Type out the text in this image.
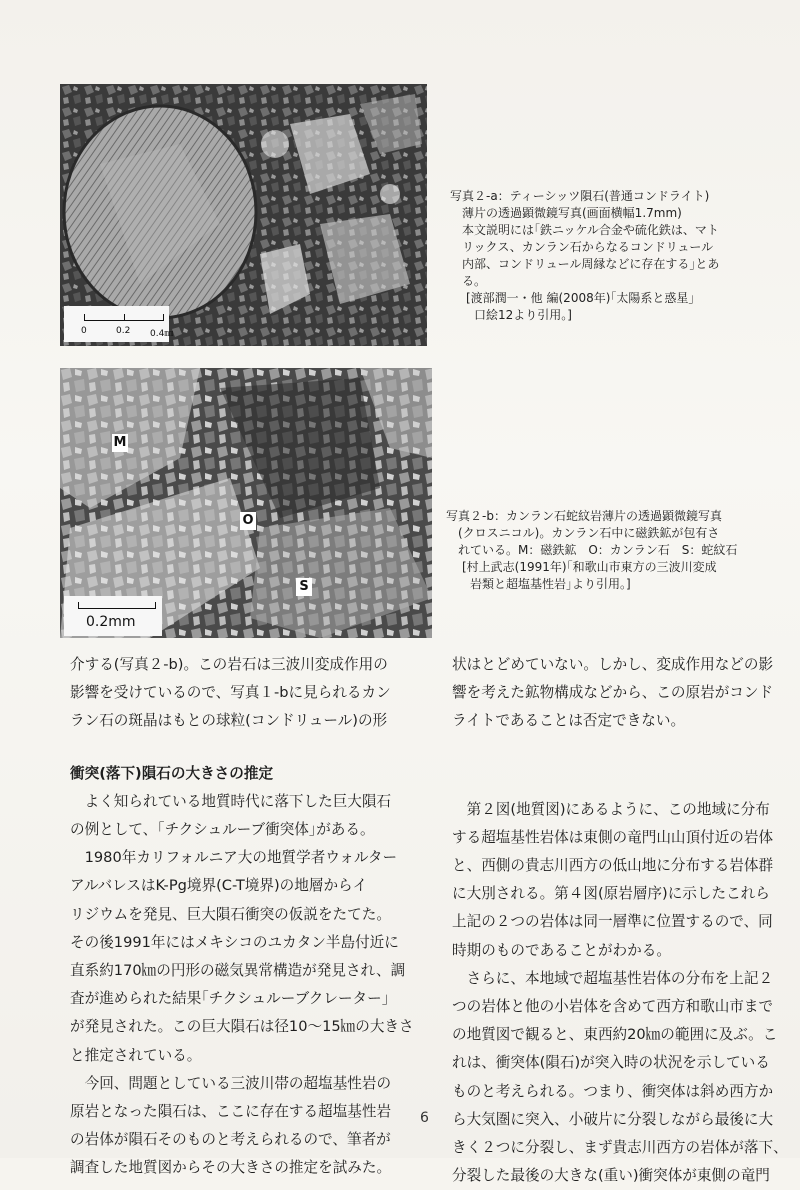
0	0.2 0.4㎜
写真２-a：ティーシッツ隕石(普通コンドライト)
薄片の透過顕微鏡写真(画面横幅1.7mm)
本文説明には｢鉄ニッケル合金や硫化鉄は、マト
リックス、カンラン石からなるコンドリュール
内部、コンドリュール周縁などに存在する｣とあ
る。
[渡部潤一・他 編(2008年)｢太陽系と惑星｣
口絵12より引用。]
M
O
S
0.2mm
写真２-b：カンラン石蛇紋岩薄片の透過顕微鏡写真
(クロスニコル)。カンラン石中に磁鉄鉱が包有さ
れている。M：磁鉄鉱　O：カンラン石　S：蛇紋石
[村上武志(1991年)｢和歌山市東方の三波川変成
岩類と超塩基性岩｣より引用。]
介する(写真２-b)。この岩石は三波川変成作用の
影響を受けているので、写真１-bに見られるカン
ラン石の斑晶はもとの球粒(コンドリュール)の形
衝突(落下)隕石の大きさの推定
　よく知られている地質時代に落下した巨大隕石
の例として、｢チクシュルーブ衝突体｣がある。
　1980年カリフォルニア大の地質学者ウォルター
アルバレスはK-Pg境界(C-T境界)の地層からイ
リジウムを発見、巨大隕石衝突の仮説をたてた。
その後1991年にはメキシコのユカタン半島付近に
直系約170㎞の円形の磁気異常構造が発見され、調
査が進められた結果｢チクシュルーブクレーター｣
が発見された。この巨大隕石は径10〜15㎞の大きさ
と推定されている。
　今回、問題としている三波川帯の超塩基性岩の
原岩となった隕石は、ここに存在する超塩基性岩
の岩体が隕石そのものと考えられるので、筆者が
調査した地質図からその大きさの推定を試みた。
状はとどめていない。しかし、変成作用などの影
響を考えた鉱物構成などから、この原岩がコンド
ライトであることは否定できない。
　第２図(地質図)にあるように、この地域に分布
する超塩基性岩体は東側の竜門山山頂付近の岩体
と、西側の貴志川西方の低山地に分布する岩体群
に大別される。第４図(原岩層序)に示したこれら
上記の２つの岩体は同一層準に位置するので、同
時期のものであることがわかる。
　さらに、本地域で超塩基性岩体の分布を上記２
つの岩体と他の小岩体を含めて西方和歌山市まで
の地質図で観ると、東西約20㎞の範囲に及ぶ。こ
れは、衝突体(隕石)が突入時の状況を示している
ものと考えられる。つまり、衝突体は斜め西方か
ら大気圏に突入、小破片に分裂しながら最後に大
きく２つに分裂し、まず貴志川西方の岩体が落下、
分裂した最後の大きな(重い)衝突体が東側の竜門
6
